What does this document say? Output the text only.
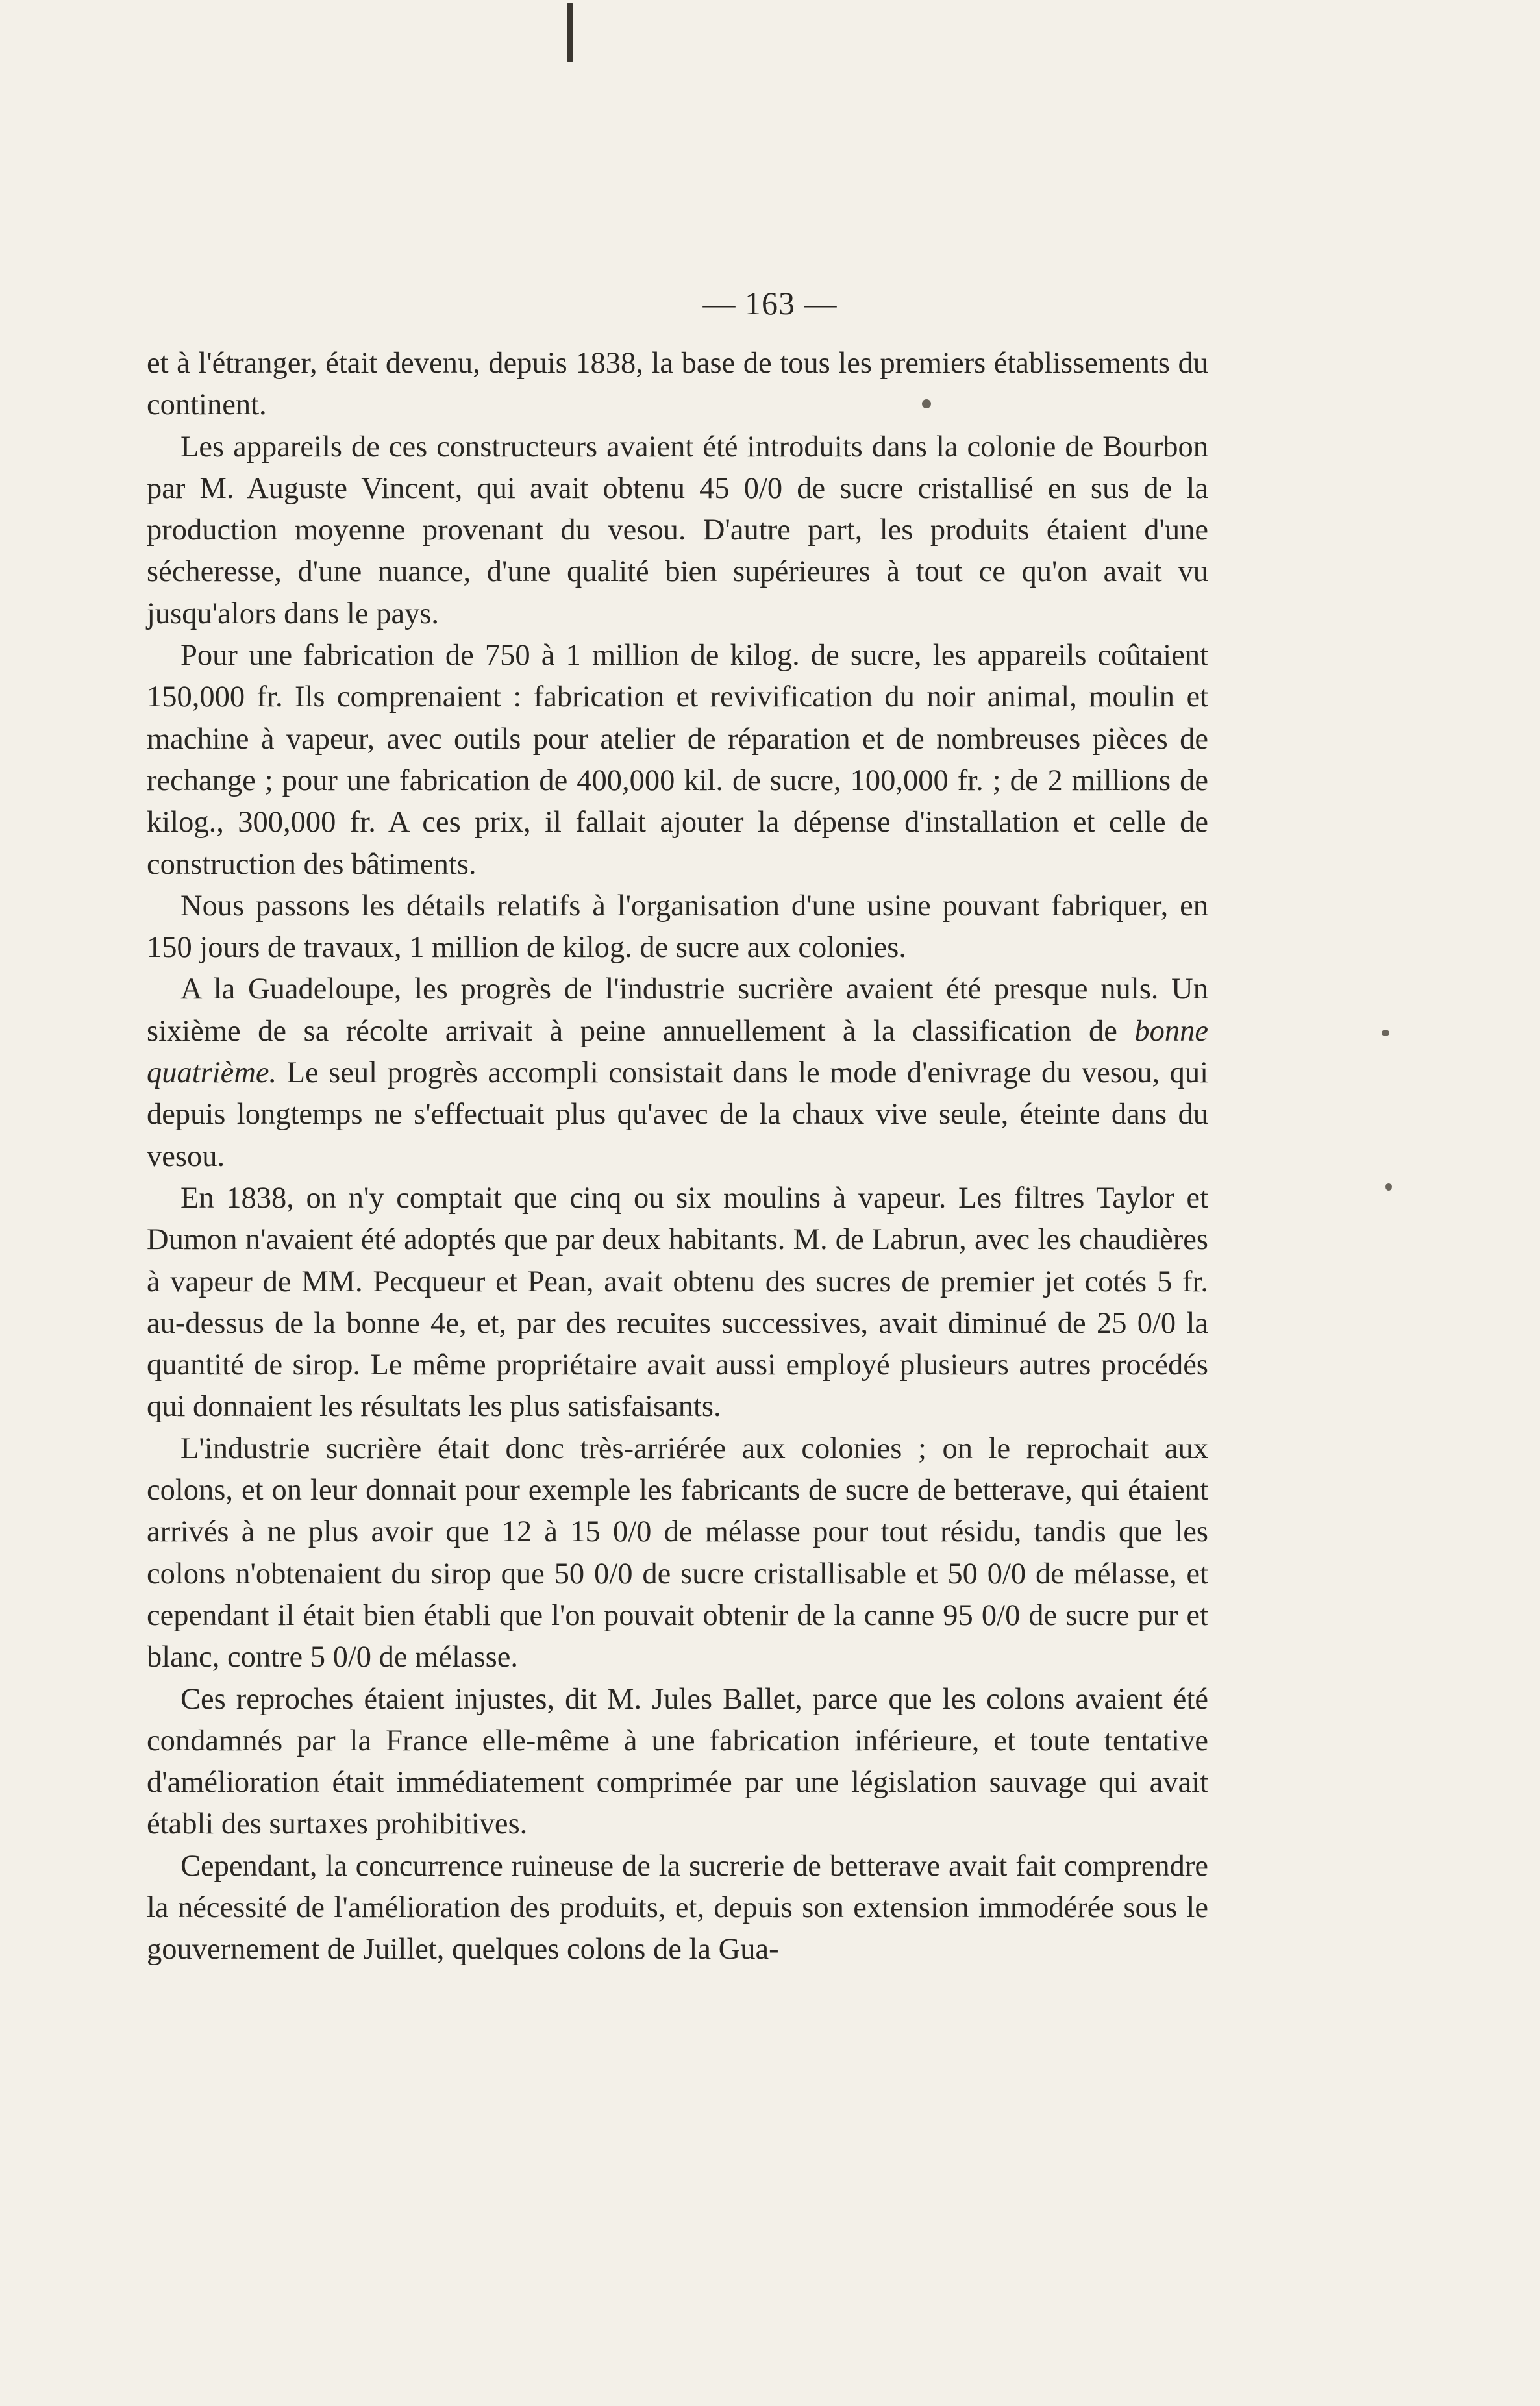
— 163 —

et à l'étranger, était devenu, depuis 1838, la base de tous les premiers établissements du continent.

Les appareils de ces constructeurs avaient été introduits dans la colonie de Bourbon par M. Auguste Vincent, qui avait obtenu 45 0/0 de sucre cristallisé en sus de la production moyenne provenant du vesou. D'autre part, les produits étaient d'une sécheresse, d'une nuance, d'une qualité bien supérieures à tout ce qu'on avait vu jusqu'alors dans le pays.

Pour une fabrication de 750 à 1 million de kilog. de sucre, les appareils coûtaient 150,000 fr. Ils comprenaient : fabrication et revivification du noir animal, moulin et machine à vapeur, avec outils pour atelier de réparation et de nombreuses pièces de rechange ; pour une fabrication de 400,000 kil. de sucre, 100,000 fr. ; de 2 millions de kilog., 300,000 fr. A ces prix, il fallait ajouter la dépense d'installation et celle de construction des bâtiments.

Nous passons les détails relatifs à l'organisation d'une usine pouvant fabriquer, en 150 jours de travaux, 1 million de kilog. de sucre aux colonies.

A la Guadeloupe, les progrès de l'industrie sucrière avaient été presque nuls. Un sixième de sa récolte arrivait à peine annuellement à la classification de bonne quatrième. Le seul progrès accompli consistait dans le mode d'enivrage du vesou, qui depuis longtemps ne s'effectuait plus qu'avec de la chaux vive seule, éteinte dans du vesou.

En 1838, on n'y comptait que cinq ou six moulins à vapeur. Les filtres Taylor et Dumon n'avaient été adoptés que par deux habitants. M. de Labrun, avec les chaudières à vapeur de MM. Pecqueur et Pean, avait obtenu des sucres de premier jet cotés 5 fr. au-dessus de la bonne 4e, et, par des recuites successives, avait diminué de 25 0/0 la quantité de sirop. Le même propriétaire avait aussi employé plusieurs autres procédés qui donnaient les résultats les plus satisfaisants.

L'industrie sucrière était donc très-arriérée aux colonies ; on le reprochait aux colons, et on leur donnait pour exemple les fabricants de sucre de betterave, qui étaient arrivés à ne plus avoir que 12 à 15 0/0 de mélasse pour tout résidu, tandis que les colons n'obtenaient du sirop que 50 0/0 de sucre cristallisable et 50 0/0 de mélasse, et cependant il était bien établi que l'on pouvait obtenir de la canne 95 0/0 de sucre pur et blanc, contre 5 0/0 de mélasse.

Ces reproches étaient injustes, dit M. Jules Ballet, parce que les colons avaient été condamnés par la France elle-même à une fabrication inférieure, et toute tentative d'amélioration était immédiatement comprimée par une législation sauvage qui avait établi des surtaxes prohibitives.

Cependant, la concurrence ruineuse de la sucrerie de betterave avait fait comprendre la nécessité de l'amélioration des produits, et, depuis son extension immodérée sous le gouvernement de Juillet, quelques colons de la Gua-
